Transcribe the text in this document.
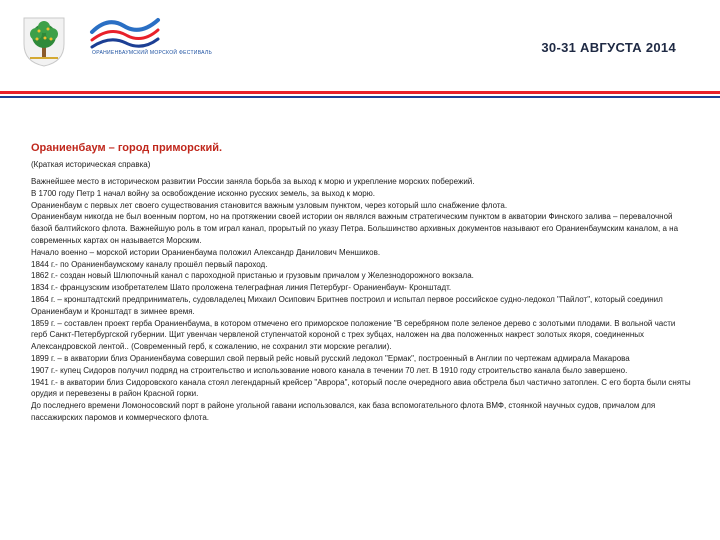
ОРАНИЕНБАУМСКИЙ МОРСКОЙ ФЕСТИВАЛЬ	30-31 АВГУСТА 2014
Ораниенбаум – город приморский.
(Краткая историческая справка)

Важнейшее место в историческом развитии России заняла борьба за выход к морю и укрепление морских побережий.

В 1700 году Петр 1 начал войну за освобождение исконно русских земель, за выход к морю.

Ораниенбаум с первых лет своего существования становится важным узловым пунктом, через который шло снабжение флота.

Ораниенбаум никогда не был военным портом, но на протяжении своей истории он являлся важным стратегическим пунктом в акватории Финского залива – перевалочной базой балтийского флота. Важнейшую роль в том играл канал, прорытый по указу Петра. Большинство архивных документов называют его Ораниенбаумским каналом, а на современных картах он называется Морским.

Начало военно – морской истории Ораниенбаума положил Александр Данилович Меншиков.

1844 г.- по Ораниенбаумскому каналу прошёл первый пароход.

1862 г.- создан новый Шлюпочный канал с пароходной пристанью и грузовым причалом у Железнодорожного вокзала.

1834 г.- французским изобретателем Шато проложена телеграфная линия Петербург- Ораниенбаум- Кронштадт.

1864 г. – кронштадтский предприниматель, судовладелец Михаил Осипович Бритнев построил и испытал первое российское судно-ледокол "Пайлот", который соединил Ораниенбаум и Кронштадт в зимнее время.

1859 г. – составлен проект герба Ораниенбаума, в котором отмечено его приморское положение "В серебряном поле зеленое дерево с золотыми плодами. В вольной части герб Санкт-Петербургской губернии. Щит увенчан червленой ступенчатой короной с трех зубцах, наложен на два положенных накрест золотых якоря, соединенных Александровской лентой.. (Современный герб, к сожалению, не сохранил эти морские регалии).

1899 г. – в акватории близ Ораниенбаума совершил свой первый рейс новый русский ледокол "Ермак", построенный в Англии по чертежам адмирала Макарова

1907 г.- купец Сидоров получил подряд на строительство и использование нового канала в течении 70 лет. В 1910 году строительство канала было завершено.

1941 г.- в акватории близ Сидоровского канала стоял легендарный крейсер "Аврора", который после очередного авиа обстрела был частично затоплен. С его борта были сняты орудия и перевезены в район Красной горки.

До последнего времени Ломоносовский порт в районе угольной гавани использовался, как база вспомогательного флота ВМФ, стоянкой научных судов, причалом для пассажирских паромов и коммерческого флота.
